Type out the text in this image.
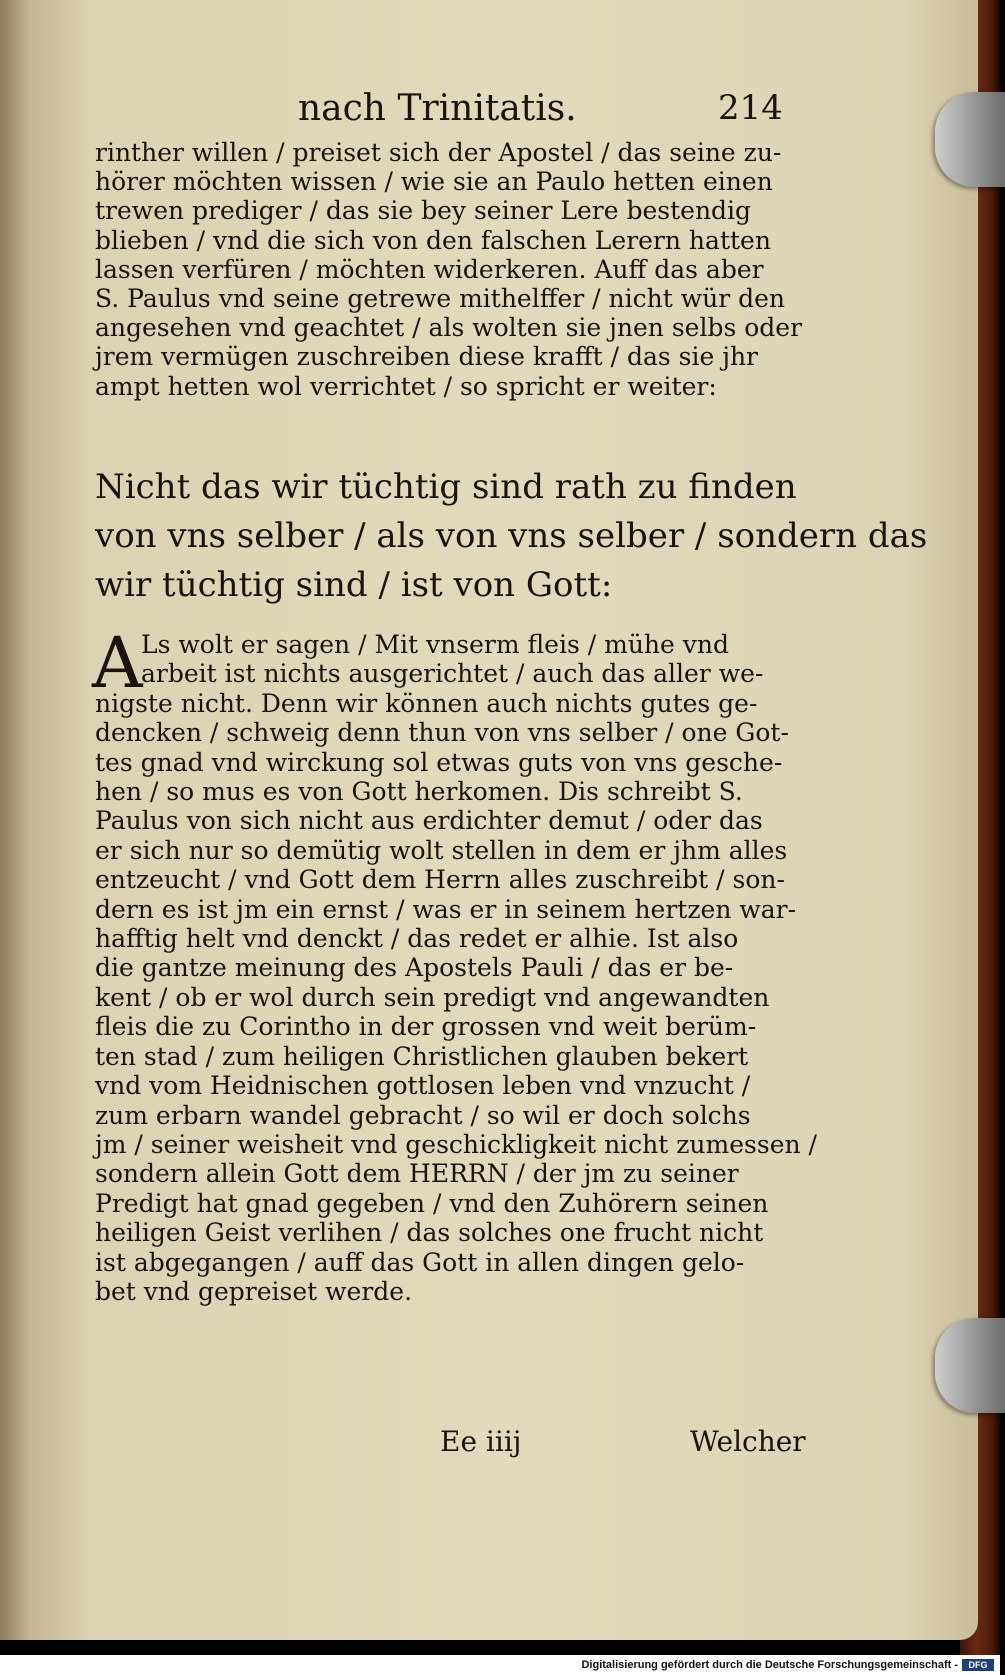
nach Trinitatis.	214
rinther willen / preiset sich der Apostel / das seine zu‑
hörer möchten wissen / wie sie an Paulo hetten einen
trewen prediger / das sie bey seiner Lere bestendig
blieben / vnd die sich von den falschen Lerern hatten
lassen verfüren / möchten widerkeren. Auff das aber
S. Paulus vnd seine getrewe mithelffer / nicht wür den
angesehen vnd geachtet / als wolten sie jnen selbs oder
jrem vermügen zuschreiben diese krafft / das sie jhr
ampt hetten wol verrichtet / so spricht er weiter:
Nicht das wir tüchtig sind rath zu finden
von vns selber / als von vns selber / sondern das
wir tüchtig sind / ist von Gott:
A
Ls wolt er sagen / Mit vnserm fleis / mühe vnd
arbeit ist nichts ausgerichtet / auch das aller we‑
nigste nicht. Denn wir können auch nichts gutes ge‑
dencken / schweig denn thun von vns selber / one Got‑
tes gnad vnd wirckung sol etwas guts von vns gesche‑
hen / so mus es von Gott herkomen. Dis schreibt S.
Paulus von sich nicht aus erdichter demut / oder das
er sich nur so demütig wolt stellen in dem er jhm alles
entzeucht / vnd Gott dem Herrn alles zuschreibt / son‑
dern es ist jm ein ernst / was er in seinem hertzen war‑
hafftig helt vnd denckt / das redet er alhie. Ist also
die gantze meinung des Apostels Pauli / das er be‑
kent / ob er wol durch sein predigt vnd angewandten
fleis die zu Corintho in der grossen vnd weit berüm‑
ten stad / zum heiligen Christlichen glauben bekert
vnd vom Heidnischen gottlosen leben vnd vnzucht /
zum erbarn wandel gebracht / so wil er doch solchs
jm / seiner weisheit vnd geschickligkeit nicht zumessen /
sondern allein Gott dem HERRN / der jm zu seiner
Predigt hat gnad gegeben / vnd den Zuhörern seinen
heiligen Geist verlihen / das solches one frucht nicht
ist abgegangen / auff das Gott in allen dingen gelo‑
bet vnd gepreiset werde.
Ee iiij	Welcher
Digitalisierung gefördert durch die Deutsche Forschungsgemeinschaft -	DFG
